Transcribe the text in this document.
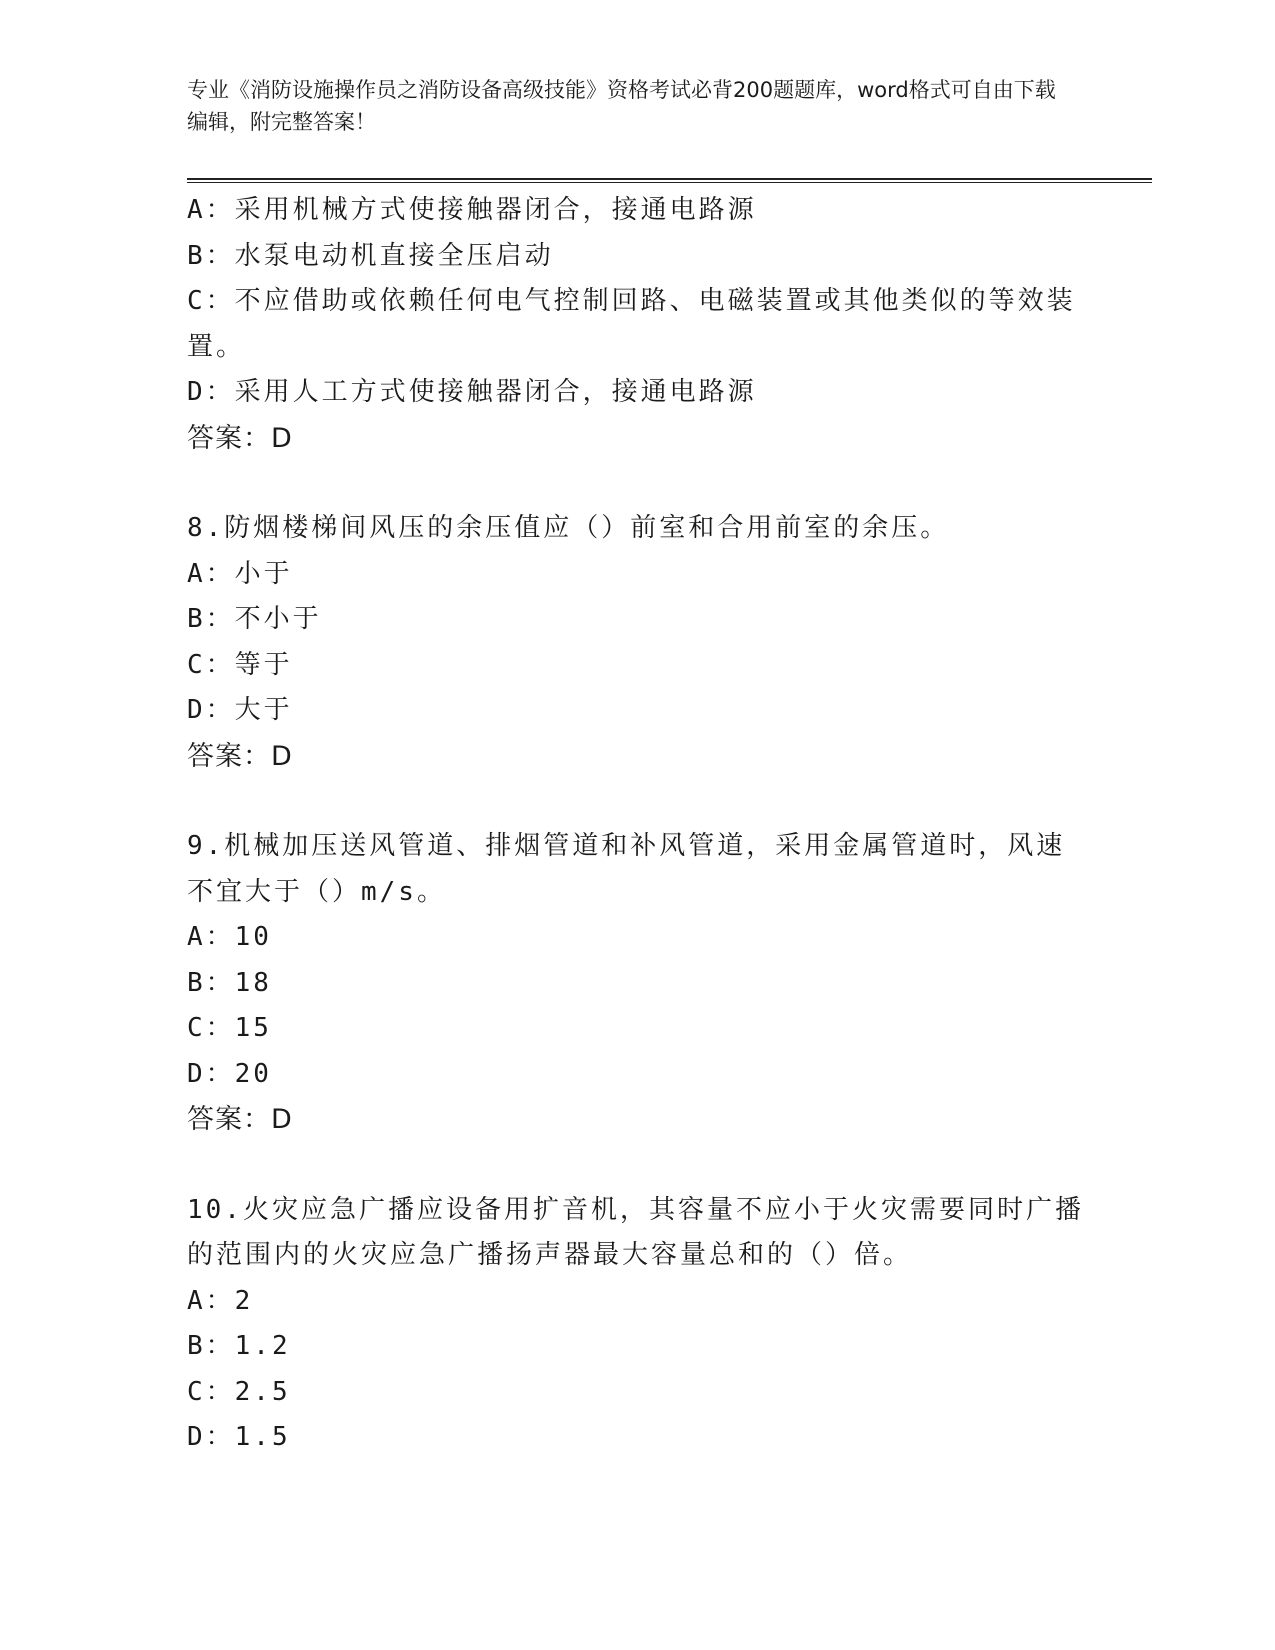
专业《消防设施操作员之消防设备高级技能》资格考试必背200题题库，word格式可自由下载编辑，附完整答案！
A：采用机械方式使接触器闭合，接通电路源
B：水泵电动机直接全压启动
C：不应借助或依赖任何电气控制回路、电磁装置或其他类似的等效装置。
D：采用人工方式使接触器闭合，接通电路源
答案：D
8.防烟楼梯间风压的余压值应（）前室和合用前室的余压。
A：小于
B：不小于
C：等于
D：大于
答案：D
9.机械加压送风管道、排烟管道和补风管道，采用金属管道时，风速不宜大于（）m/s。
A：10
B：18
C：15
D：20
答案：D
10.火灾应急广播应设备用扩音机，其容量不应小于火灾需要同时广播的范围内的火灾应急广播扬声器最大容量总和的（）倍。
A：2
B：1.2
C：2.5
D：1.5
